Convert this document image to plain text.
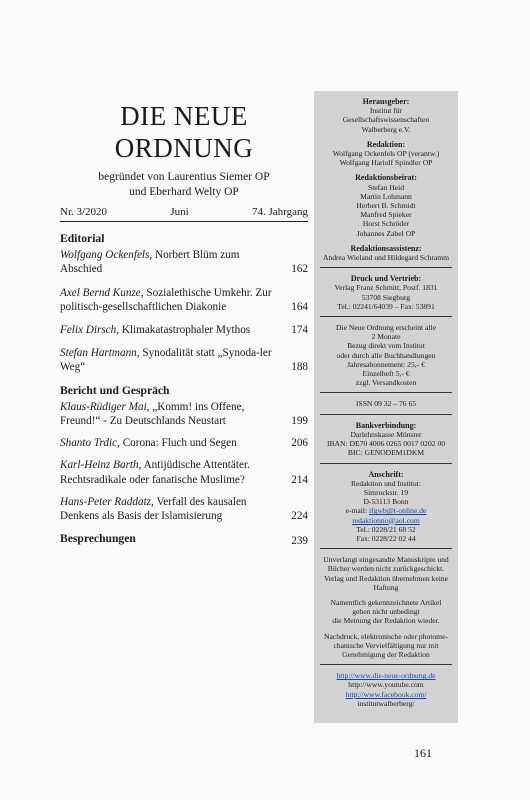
DIE NEUE
ORDNUNG
begründet von Laurentius Siemer OP
und Eberhard Welty OP
Nr. 3/2020	Juni	74. Jahrgang
Editorial
Wolfgang Ockenfels, Norbert Blüm zum Abschied	162
Axel Bernd Kunze, Sozialethische Umkehr. Zur politisch-gesellschaftlichen Diakonie	164
Felix Dirsch, Klimakatastrophaler Mythos	174
Stefan Hartmann, Synodalität statt „Synoda-ler Weg“	188
Bericht und Gespräch
Klaus-Rüdiger Mai, „Komm! ins Offene, Freund!“ - Zu Deutschlands Neustart	199
Shanto Trdic, Corona: Fluch und Segen	206
Karl-Heinz Barth, Antijüdische Attentäter. Rechtsradikale oder fanatische Muslime?	214
Hans-Peter Raddatz, Verfall des kausalen Denkens als Basis der Islamisierung	224
Besprechungen	239
Herausgeber:
Institut für
Gesellschaftswissenschaften
Walberberg e.V.
Redaktion:
Wolfgang Ockenfels OP (verantw.)
Wolfgang Hariolf Spindler OP
Redaktionsbeirat:
Stefan Heid
Martin Lohmann
Herbert B. Schmidt
Manfred Spieker
Horst Schröder
Johannes Zabel OP
Redaktionsassistenz:
Andrea Wieland und Hildegard Schramm
Druck und Vertrieb:
Verlag Franz Schmitt, Postf. 1831
53708 Siegburg
Tel.: 02241/64039 – Fax: 53891
Die Neue Ordnung erscheint alle
2 Monate
Bezug direkt vom Institut
oder durch alle Buchhandlungen
Jahresabonnement: 25,- €
Einzelheft 5,- €
zzgl. Versandkosten
ISSN 09 32 – 76 65
Bankverbindung:
Darlehnskasse Münster
IBAN: DE70 4006 0265 0017 0202 00
BIC: GENODEM1DKM
Anschrift:
Redaktion und Institut:
Simrockstr. 19
D-53113 Bonn
e-mail: ifgwb@t-online.de
redaktionno@aol.com
Tel.: 0228/21 68 52
Fax: 0228/22 02 44
Unverlangt eingesandte Manuskripte und
Bücher werden nicht zurückgeschickt.
Verlag und Redaktion übernehmen keine
Haftung
Namentlich gekennzeichnete Artikel
geben nicht unbedingt
die Meinung der Redaktion wieder.
Nachdruck, elektronische oder photome-
chanische Vervielfältigung nur mit
Genehmigung der Redaktion
http://www.die-neue-ordnung.de
http://www.youtube.com
http://www.facebook.com/
institutwalberberg/
161
